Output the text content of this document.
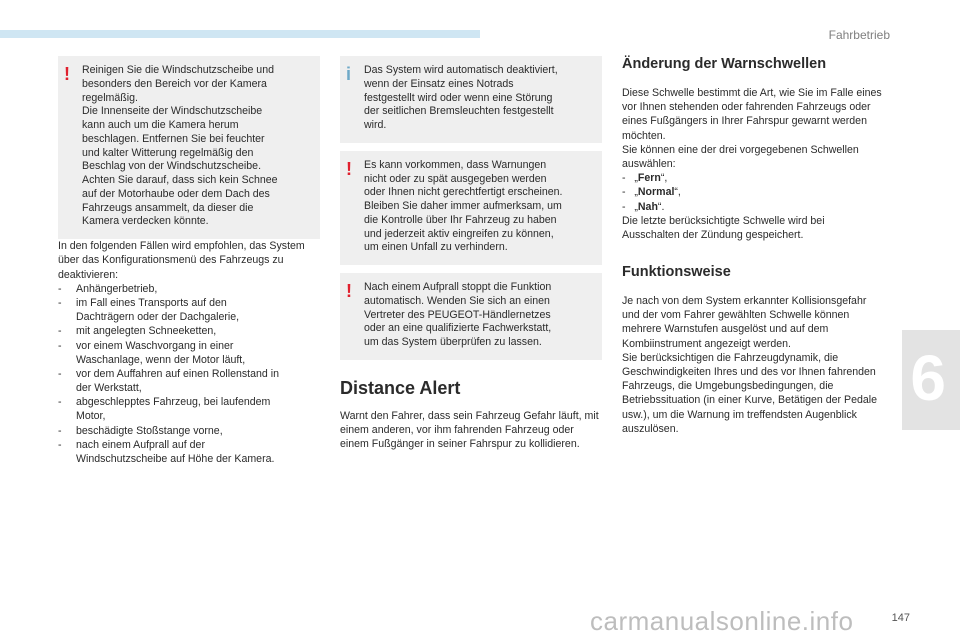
Fahrbetrieb
6
! Reinigen Sie die Windschutzscheibe und
besonders den Bereich vor der Kamera
regelmäßig.
Die Innenseite der Windschutzscheibe
kann auch um die Kamera herum
beschlagen. Entfernen Sie bei feuchter
und kalter Witterung regelmäßig den
Beschlag von der Windschutzscheibe.
Achten Sie darauf, dass sich kein Schnee
auf der Motorhaube oder dem Dach des
Fahrzeugs ansammelt, da dieser die
Kamera verdecken könnte.

In den folgenden Fällen wird empfohlen, das System über das Konfigurationsmenü des Fahrzeugs zu deaktivieren:

- Anhängerbetrieb,
- im Fall eines Transports auf den
Dachträgern oder der Dachgalerie,
- mit angelegten Schneeketten,
- vor einem Waschvorgang in einer
Waschanlage, wenn der Motor läuft,
- vor dem Auffahren auf einen Rollenstand in
der Werkstatt,
- abgeschlepptes Fahrzeug, bei laufendem
Motor,
- beschädigte Stoßstange vorne,
- nach einem Aufprall auf der
Windschutzscheibe auf Höhe der Kamera.
i Das System wird automatisch deaktiviert,
wenn der Einsatz eines Notrads
festgestellt wird oder wenn eine Störung
der seitlichen Bremsleuchten festgestellt
wird.

! Es kann vorkommen, dass Warnungen
nicht oder zu spät ausgegeben werden
oder Ihnen nicht gerechtfertigt erscheinen.
Bleiben Sie daher immer aufmerksam, um
die Kontrolle über Ihr Fahrzeug zu haben
und jederzeit aktiv eingreifen zu können,
um einen Unfall zu verhindern.

! Nach einem Aufprall stoppt die Funktion
automatisch. Wenden Sie sich an einen
Vertreter des PEUGEOT-Händlernetzes
oder an eine qualifizierte Fachwerkstatt,
um das System überprüfen zu lassen.

Distance Alert

Warnt den Fahrer, dass sein Fahrzeug Gefahr läuft, mit einem anderen, vor ihm fahrenden Fahrzeug oder einem Fußgänger in seiner Fahrspur zu kollidieren.

Änderung der Warnschwellen

Diese Schwelle bestimmt die Art, wie Sie im Falle eines vor Ihnen stehenden oder fahrenden Fahrzeugs oder eines Fußgängers in Ihrer Fahrspur gewarnt werden möchten.

Sie können eine der drei vorgegebenen Schwellen auswählen:

- „Fern“,
- „Normal“,
- „Nah“.

Die letzte berücksichtigte Schwelle wird bei Ausschalten der Zündung gespeichert.

Funktionsweise

Je nach von dem System erkannter Kollisionsgefahr und der vom Fahrer gewählten Schwelle können mehrere Warnstufen ausgelöst und auf dem Kombiinstrument angezeigt werden.

Sie berücksichtigen die Fahrzeugdynamik, die Geschwindigkeiten Ihres und des vor Ihnen fahrenden Fahrzeugs, die Umgebungsbedingungen, die Betriebssituation (in einer Kurve, Betätigen der Pedale usw.), um die Warnung im treffendsten Augenblick auszulösen.

carmanualsonline.info	147
